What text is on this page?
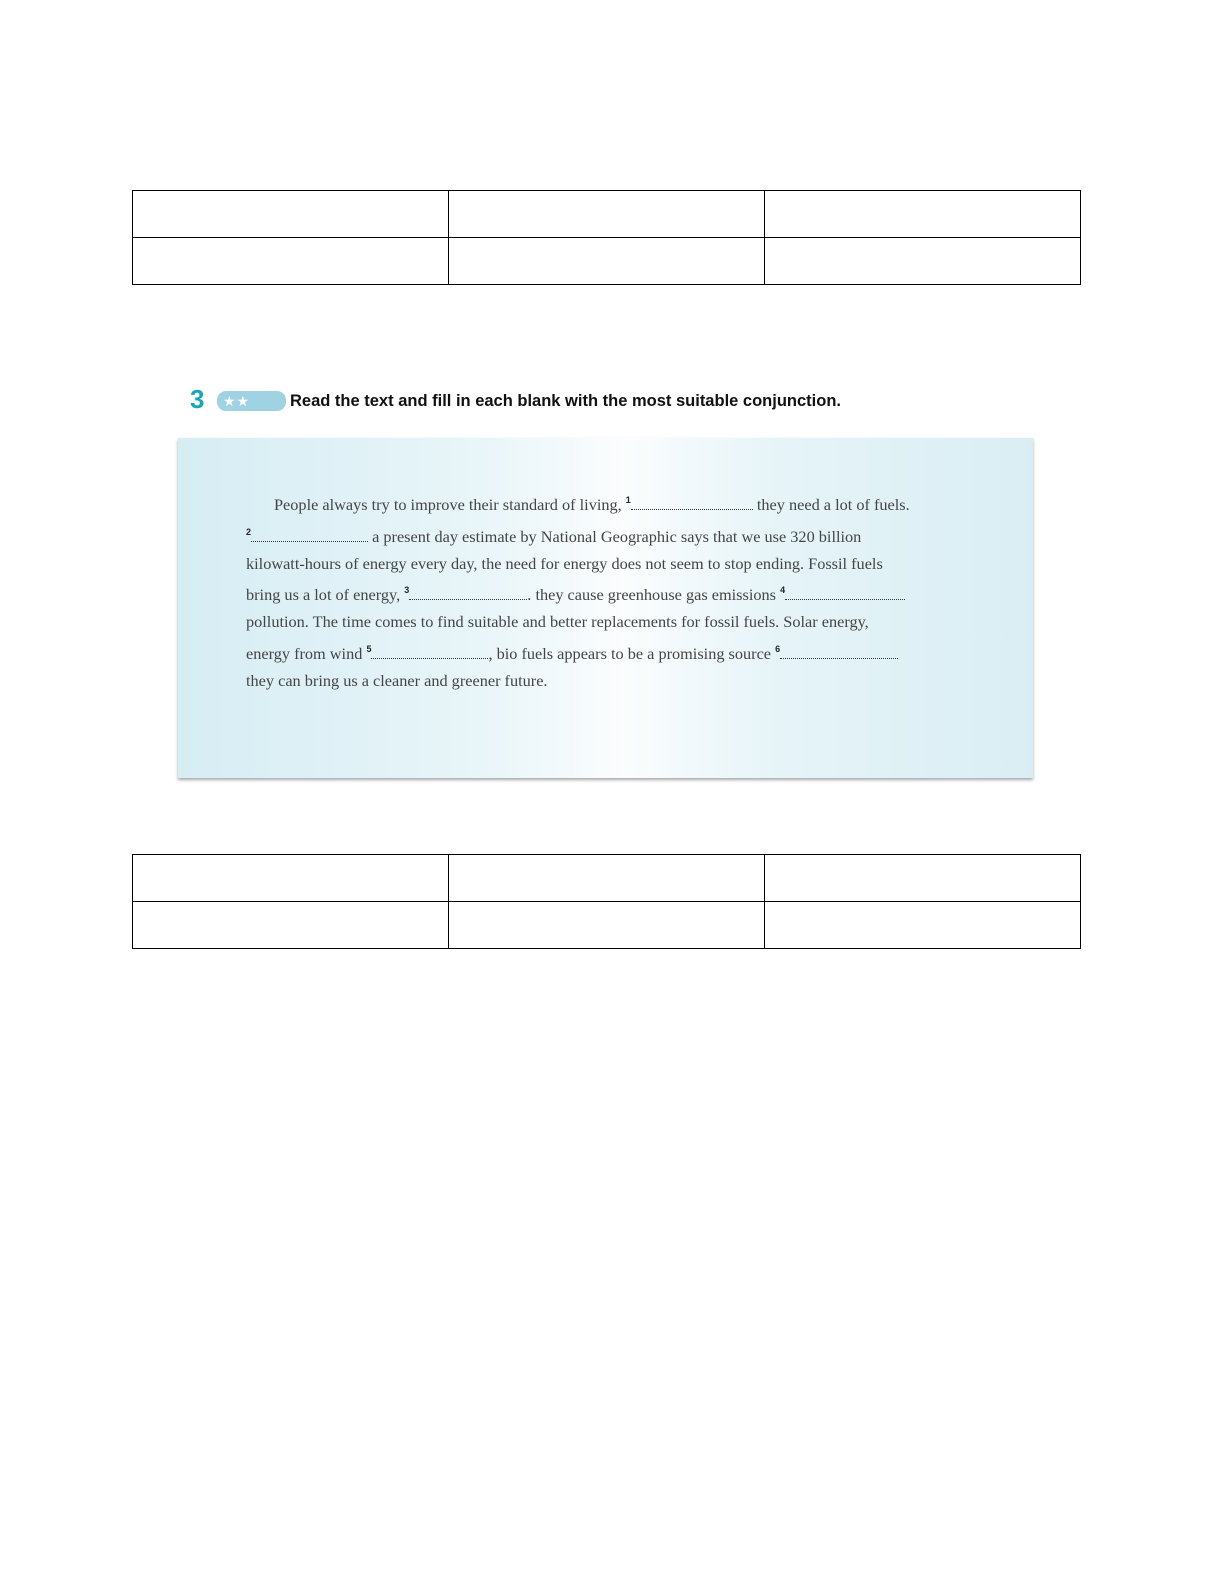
3	★★	Read the text and fill in each blank with the most suitable conjunction.
People always try to improve their standard of living, $^1$	they need a lot of fuels.
$^2$	a present day estimate by National Geographic says that we use 320 billion
kilowatt-hours of energy every day, the need for energy does not seem to stop ending. Fossil fuels
bring us a lot of energy, $^3$	. they cause greenhouse gas emissions $^4$
pollution. The time comes to find suitable and better replacements for fossil fuels. Solar energy,
energy from wind $^5$	, bio fuels appears to be a promising source $^6$
they can bring us a cleaner and greener future.
